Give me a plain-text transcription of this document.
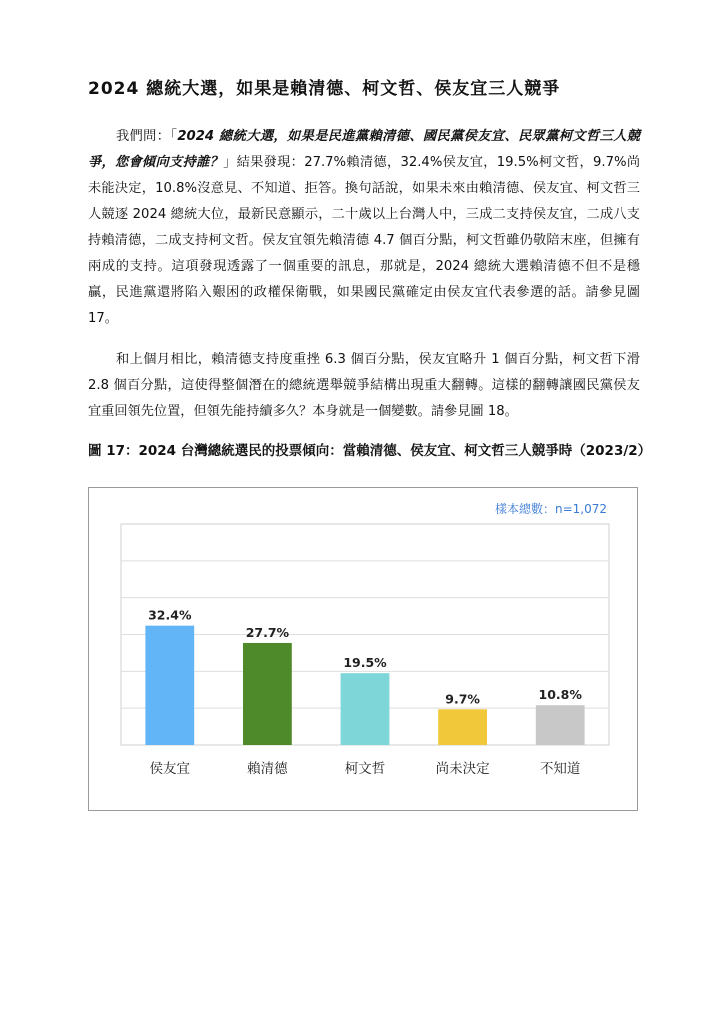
2024 總統大選，如果是賴清德、柯文哲、侯友宜三人競爭
我們問：「2024 總統大選，如果是民進黨賴清德、國民黨侯友宜、民眾黨柯文哲三人競爭，您會傾向支持誰？」結果發現：27.7%賴清德，32.4%侯友宜，19.5%柯文哲，9.7%尚未能決定，10.8%沒意見、不知道、拒答。換句話說，如果未來由賴清德、侯友宜、柯文哲三人競逐 2024 總統大位，最新民意顯示，二十歲以上台灣人中，三成二支持侯友宜，二成八支持賴清德，二成支持柯文哲。侯友宜領先賴清德 4.7 個百分點，柯文哲雖仍敬陪末座，但擁有兩成的支持。這項發現透露了一個重要的訊息，那就是，2024 總統大選賴清德不但不是穩贏，民進黨還將陷入艱困的政權保衛戰，如果國民黨確定由侯友宜代表參選的話。請參見圖 17。
和上個月相比，賴清德支持度重挫 6.3 個百分點，侯友宜略升 1 個百分點，柯文哲下滑 2.8 個百分點，這使得整個潛在的總統選舉競爭結構出現重大翻轉。這樣的翻轉讓國民黨侯友宜重回領先位置，但領先能持續多久？本身就是一個變數。請參見圖 18。
圖 17：2024 台灣總統選民的投票傾向：當賴清德、侯友宜、柯文哲三人競爭時（2023/2）
樣本總數：n=1,072
32.4%
侯友宜
27.7%
賴清德
19.5%
柯文哲
9.7%
尚未決定
10.8%
不知道
